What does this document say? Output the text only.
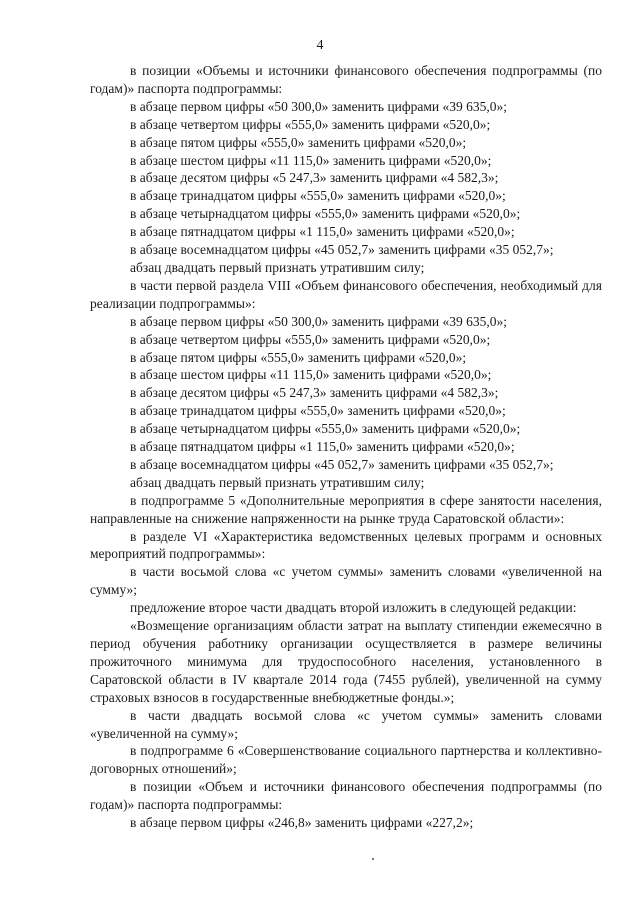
4

в позиции «Объемы и источники финансового обеспечения подпрограммы (по годам)» паспорта подпрограммы:

в абзаце первом цифры «50 300,0» заменить цифрами «39 635,0»;

в абзаце четвертом цифры «555,0» заменить цифрами «520,0»;

в абзаце пятом цифры «555,0» заменить цифрами «520,0»;

в абзаце шестом цифры «11 115,0» заменить цифрами «520,0»;

в абзаце десятом цифры «5 247,3» заменить цифрами «4 582,3»;

в абзаце тринадцатом цифры «555,0» заменить цифрами «520,0»;

в абзаце четырнадцатом цифры «555,0» заменить цифрами «520,0»;

в абзаце пятнадцатом цифры «1 115,0» заменить цифрами «520,0»;

в абзаце восемнадцатом цифры «45 052,7» заменить цифрами «35 052,7»;

абзац двадцать первый признать утратившим силу;

в части первой раздела VIII «Объем финансового обеспечения, необходимый для реализации подпрограммы»:

в абзаце первом цифры «50 300,0» заменить цифрами «39 635,0»;

в абзаце четвертом цифры «555,0» заменить цифрами «520,0»;

в абзаце пятом цифры «555,0» заменить цифрами «520,0»;

в абзаце шестом цифры «11 115,0» заменить цифрами «520,0»;

в абзаце десятом цифры «5 247,3» заменить цифрами «4 582,3»;

в абзаце тринадцатом цифры «555,0» заменить цифрами «520,0»;

в абзаце четырнадцатом цифры «555,0» заменить цифрами «520,0»;

в абзаце пятнадцатом цифры «1 115,0» заменить цифрами «520,0»;

в абзаце восемнадцатом цифры «45 052,7» заменить цифрами «35 052,7»;

абзац двадцать первый признать утратившим силу;

в подпрограмме 5 «Дополнительные мероприятия в сфере занятости населения, направленные на снижение напряженности на рынке труда Саратовской области»:

в разделе VI «Характеристика ведомственных целевых программ и основных мероприятий подпрограммы»:

в части восьмой слова «с учетом суммы» заменить словами «увеличенной на сумму»;

предложение второе части двадцать второй изложить в следующей редакции:

«Возмещение организациям области затрат на выплату стипендии ежемесячно в период обучения работнику организации осуществляется в размере величины прожиточного минимума для трудоспособного населения, установленного в Саратовской области в IV квартале 2014 года (7455 рублей), увеличенной на сумму страховых взносов в государственные внебюджетные фонды.»;

в части двадцать восьмой слова «с учетом суммы» заменить словами «увеличенной на сумму»;

в подпрограмме 6 «Совершенствование социального партнерства и коллективно-договорных отношений»;

в позиции «Объем и источники финансового обеспечения подпрограммы (по годам)» паспорта подпрограммы:

в абзаце первом цифры «246,8» заменить цифрами «227,2»;
